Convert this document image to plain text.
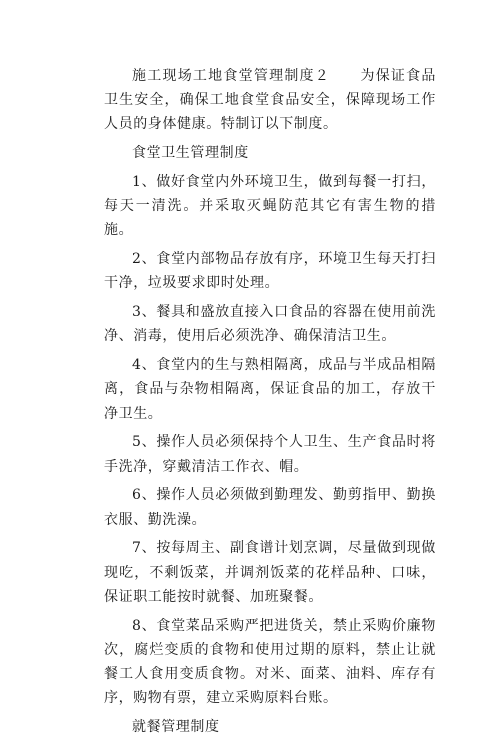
施工现场工地食堂管理制度２　　为保证食品卫生安全，确保工地食堂食品安全，保障现场工作人员的身体健康。特制订以下制度。

食堂卫生管理制度

1、做好食堂内外环境卫生，做到每餐一打扫，每天一清洗。并采取灭蝇防范其它有害生物的措施。

2、食堂内部物品存放有序，环境卫生每天打扫干净，垃圾要求即时处理。

3、餐具和盛放直接入口食品的容器在使用前洗净、消毒，使用后必须洗净、确保清洁卫生。

4、食堂内的生与熟相隔离，成品与半成品相隔离，食品与杂物相隔离，保证食品的加工，存放干净卫生。

5、操作人员必须保持个人卫生、生产食品时将手洗净，穿戴清洁工作衣、帽。

6、操作人员必须做到勤理发、勤剪指甲、勤换衣服、勤洗澡。

7、按每周主、副食谱计划烹调，尽量做到现做现吃，不剩饭菜，并调剂饭菜的花样品种、口味，保证职工能按时就餐、加班聚餐。

8、食堂菜品采购严把进货关，禁止采购价廉物次，腐烂变质的食物和使用过期的原料，禁止让就餐工人食用变质食物。对米、面菜、油料、库存有序，购物有票，建立采购原料台账。

就餐管理制度
